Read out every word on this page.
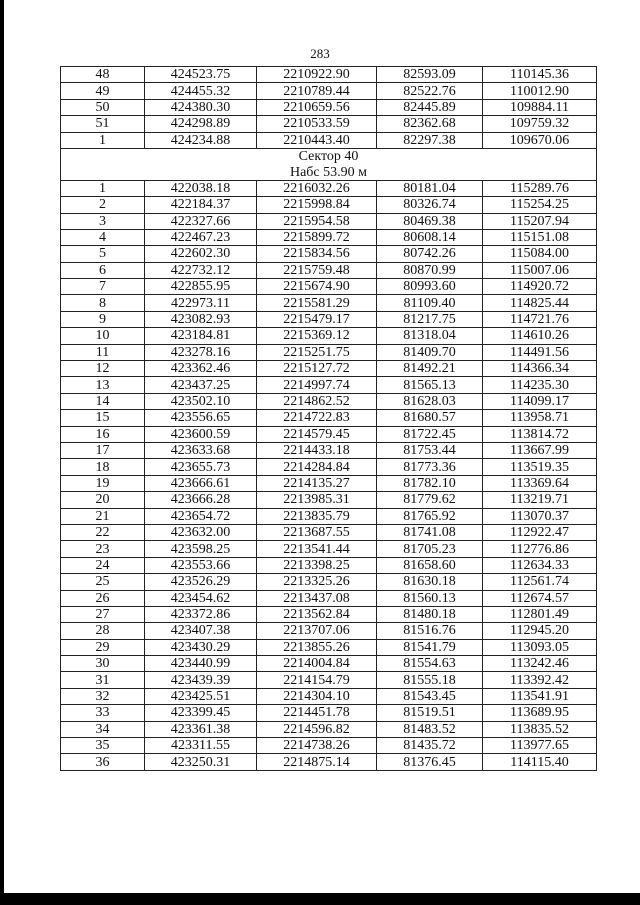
283
48	424523.75	2210922.90	82593.09	110145.36
49	424455.32	2210789.44	82522.76	110012.90
50	424380.30	2210659.56	82445.89	109884.11
51	424298.89	2210533.59	82362.68	109759.32
1	424234.88	2210443.40	82297.38	109670.06
Сектор 40				
Набс 53.90 м				
1	422038.18	2216032.26	80181.04	115289.76
2	422184.37	2215998.84	80326.74	115254.25
3	422327.66	2215954.58	80469.38	115207.94
4	422467.23	2215899.72	80608.14	115151.08
5	422602.30	2215834.56	80742.26	115084.00
6	422732.12	2215759.48	80870.99	115007.06
7	422855.95	2215674.90	80993.60	114920.72
8	422973.11	2215581.29	81109.40	114825.44
9	423082.93	2215479.17	81217.75	114721.76
10	423184.81	2215369.12	81318.04	114610.26
11	423278.16	2215251.75	81409.70	114491.56
12	423362.46	2215127.72	81492.21	114366.34
13	423437.25	2214997.74	81565.13	114235.30
14	423502.10	2214862.52	81628.03	114099.17
15	423556.65	2214722.83	81680.57	113958.71
16	423600.59	2214579.45	81722.45	113814.72
17	423633.68	2214433.18	81753.44	113667.99
18	423655.73	2214284.84	81773.36	113519.35
19	423666.61	2214135.27	81782.10	113369.64
20	423666.28	2213985.31	81779.62	113219.71
21	423654.72	2213835.79	81765.92	113070.37
22	423632.00	2213687.55	81741.08	112922.47
23	423598.25	2213541.44	81705.23	112776.86
24	423553.66	2213398.25	81658.60	112634.33
25	423526.29	2213325.26	81630.18	112561.74
26	423454.62	2213437.08	81560.13	112674.57
27	423372.86	2213562.84	81480.18	112801.49
28	423407.38	2213707.06	81516.76	112945.20
29	423430.29	2213855.26	81541.79	113093.05
30	423440.99	2214004.84	81554.63	113242.46
31	423439.39	2214154.79	81555.18	113392.42
32	423425.51	2214304.10	81543.45	113541.91
33	423399.45	2214451.78	81519.51	113689.95
34	423361.38	2214596.82	81483.52	113835.52
35	423311.55	2214738.26	81435.72	113977.65
36	423250.31	2214875.14	81376.45	114115.40
